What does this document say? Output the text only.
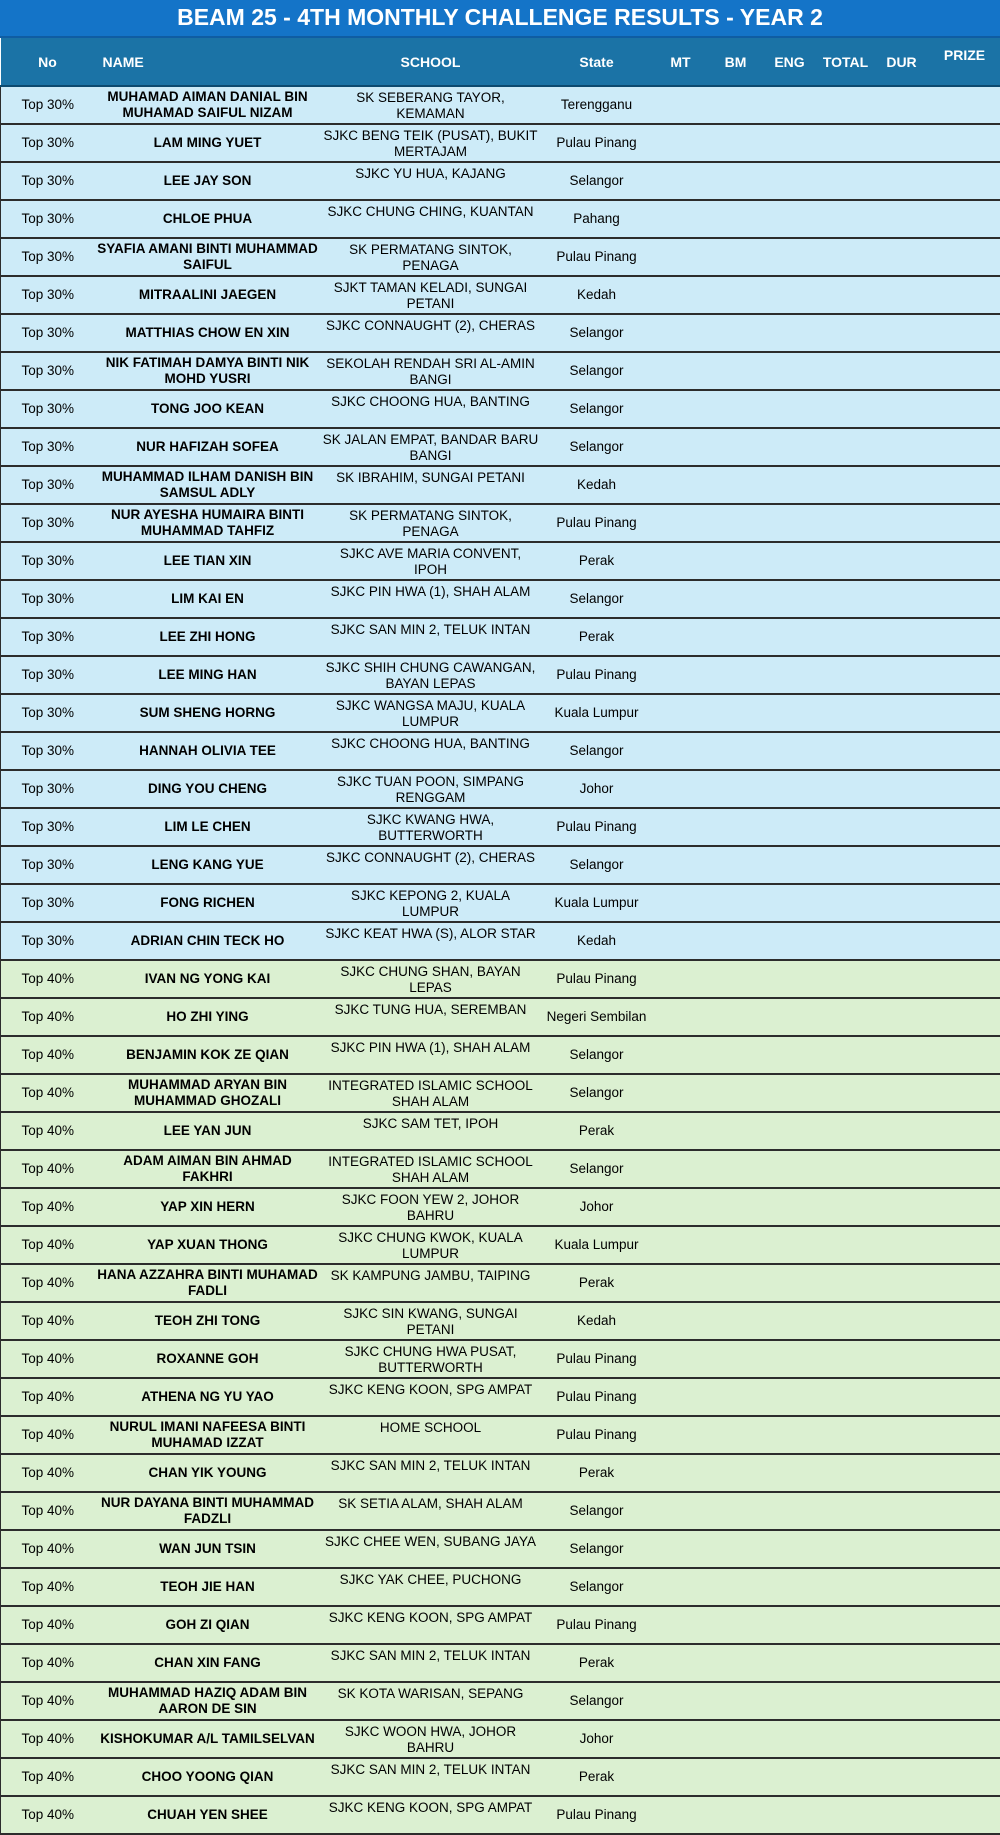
BEAM 25 - 4TH MONTHLY CHALLENGE RESULTS - YEAR 2
No	NAME	SCHOOL	State	MT	BM	ENG	TOTAL	DUR	PRIZE
Top 30%	MUHAMAD AIMAN DANIAL BIN MUHAMAD SAIFUL NIZAM	SK SEBERANG TAYOR, KEMAMAN	Terengganu						
Top 30%	LAM MING YUET	SJKC BENG TEIK (PUSAT), BUKIT MERTAJAM	Pulau Pinang						
Top 30%	LEE JAY SON	SJKC YU HUA, KAJANG	Selangor						
Top 30%	CHLOE PHUA	SJKC CHUNG CHING, KUANTAN	Pahang						
Top 30%	SYAFIA AMANI BINTI MUHAMMAD SAIFUL	SK PERMATANG SINTOK, PENAGA	Pulau Pinang						
Top 30%	MITRAALINI JAEGEN	SJKT TAMAN KELADI, SUNGAI PETANI	Kedah						
Top 30%	MATTHIAS CHOW EN XIN	SJKC CONNAUGHT (2), CHERAS	Selangor						
Top 30%	NIK FATIMAH DAMYA BINTI NIK MOHD YUSRI	SEKOLAH RENDAH SRI AL-AMIN BANGI	Selangor						
Top 30%	TONG JOO KEAN	SJKC CHOONG HUA, BANTING	Selangor						
Top 30%	NUR HAFIZAH SOFEA	SK JALAN EMPAT, BANDAR BARU BANGI	Selangor						
Top 30%	MUHAMMAD ILHAM DANISH BIN SAMSUL ADLY	SK IBRAHIM, SUNGAI PETANI	Kedah						
Top 30%	NUR AYESHA HUMAIRA BINTI MUHAMMAD TAHFIZ	SK PERMATANG SINTOK, PENAGA	Pulau Pinang						
Top 30%	LEE TIAN XIN	SJKC AVE MARIA CONVENT, IPOH	Perak						
Top 30%	LIM KAI EN	SJKC PIN HWA (1), SHAH ALAM	Selangor						
Top 30%	LEE ZHI HONG	SJKC SAN MIN 2, TELUK INTAN	Perak						
Top 30%	LEE MING HAN	SJKC SHIH CHUNG CAWANGAN, BAYAN LEPAS	Pulau Pinang						
Top 30%	SUM SHENG HORNG	SJKC WANGSA MAJU, KUALA LUMPUR	Kuala Lumpur						
Top 30%	HANNAH OLIVIA TEE	SJKC CHOONG HUA, BANTING	Selangor						
Top 30%	DING YOU CHENG	SJKC TUAN POON, SIMPANG RENGGAM	Johor						
Top 30%	LIM LE CHEN	SJKC KWANG HWA, BUTTERWORTH	Pulau Pinang						
Top 30%	LENG KANG YUE	SJKC CONNAUGHT (2), CHERAS	Selangor						
Top 30%	FONG RICHEN	SJKC KEPONG 2, KUALA LUMPUR	Kuala Lumpur						
Top 30%	ADRIAN CHIN TECK HO	SJKC KEAT HWA (S), ALOR STAR	Kedah						
Top 40%	IVAN NG YONG KAI	SJKC CHUNG SHAN, BAYAN LEPAS	Pulau Pinang						
Top 40%	HO ZHI YING	SJKC TUNG HUA, SEREMBAN	Negeri Sembilan						
Top 40%	BENJAMIN KOK ZE QIAN	SJKC PIN HWA (1), SHAH ALAM	Selangor						
Top 40%	MUHAMMAD ARYAN BIN MUHAMMAD GHOZALI	INTEGRATED ISLAMIC SCHOOL SHAH ALAM	Selangor						
Top 40%	LEE YAN JUN	SJKC SAM TET, IPOH	Perak						
Top 40%	ADAM AIMAN BIN AHMAD FAKHRI	INTEGRATED ISLAMIC SCHOOL SHAH ALAM	Selangor						
Top 40%	YAP XIN HERN	SJKC FOON YEW 2, JOHOR BAHRU	Johor						
Top 40%	YAP XUAN THONG	SJKC CHUNG KWOK, KUALA LUMPUR	Kuala Lumpur						
Top 40%	HANA AZZAHRA BINTI MUHAMAD FADLI	SK KAMPUNG JAMBU, TAIPING	Perak						
Top 40%	TEOH ZHI TONG	SJKC SIN KWANG, SUNGAI PETANI	Kedah						
Top 40%	ROXANNE GOH	SJKC CHUNG HWA PUSAT, BUTTERWORTH	Pulau Pinang						
Top 40%	ATHENA NG YU YAO	SJKC KENG KOON, SPG AMPAT	Pulau Pinang						
Top 40%	NURUL IMANI NAFEESA BINTI MUHAMAD IZZAT	HOME SCHOOL	Pulau Pinang						
Top 40%	CHAN YIK YOUNG	SJKC SAN MIN 2, TELUK INTAN	Perak						
Top 40%	NUR DAYANA BINTI MUHAMMAD FADZLI	SK SETIA ALAM, SHAH ALAM	Selangor						
Top 40%	WAN JUN TSIN	SJKC CHEE WEN, SUBANG JAYA	Selangor						
Top 40%	TEOH JIE HAN	SJKC YAK CHEE, PUCHONG	Selangor						
Top 40%	GOH ZI QIAN	SJKC KENG KOON, SPG AMPAT	Pulau Pinang						
Top 40%	CHAN XIN FANG	SJKC SAN MIN 2, TELUK INTAN	Perak						
Top 40%	MUHAMMAD HAZIQ ADAM BIN AARON DE SIN	SK KOTA WARISAN, SEPANG	Selangor						
Top 40%	KISHOKUMAR A/L TAMILSELVAN	SJKC WOON HWA, JOHOR BAHRU	Johor						
Top 40%	CHOO YOONG QIAN	SJKC SAN MIN 2, TELUK INTAN	Perak						
Top 40%	CHUAH YEN SHEE	SJKC KENG KOON, SPG AMPAT	Pulau Pinang						
